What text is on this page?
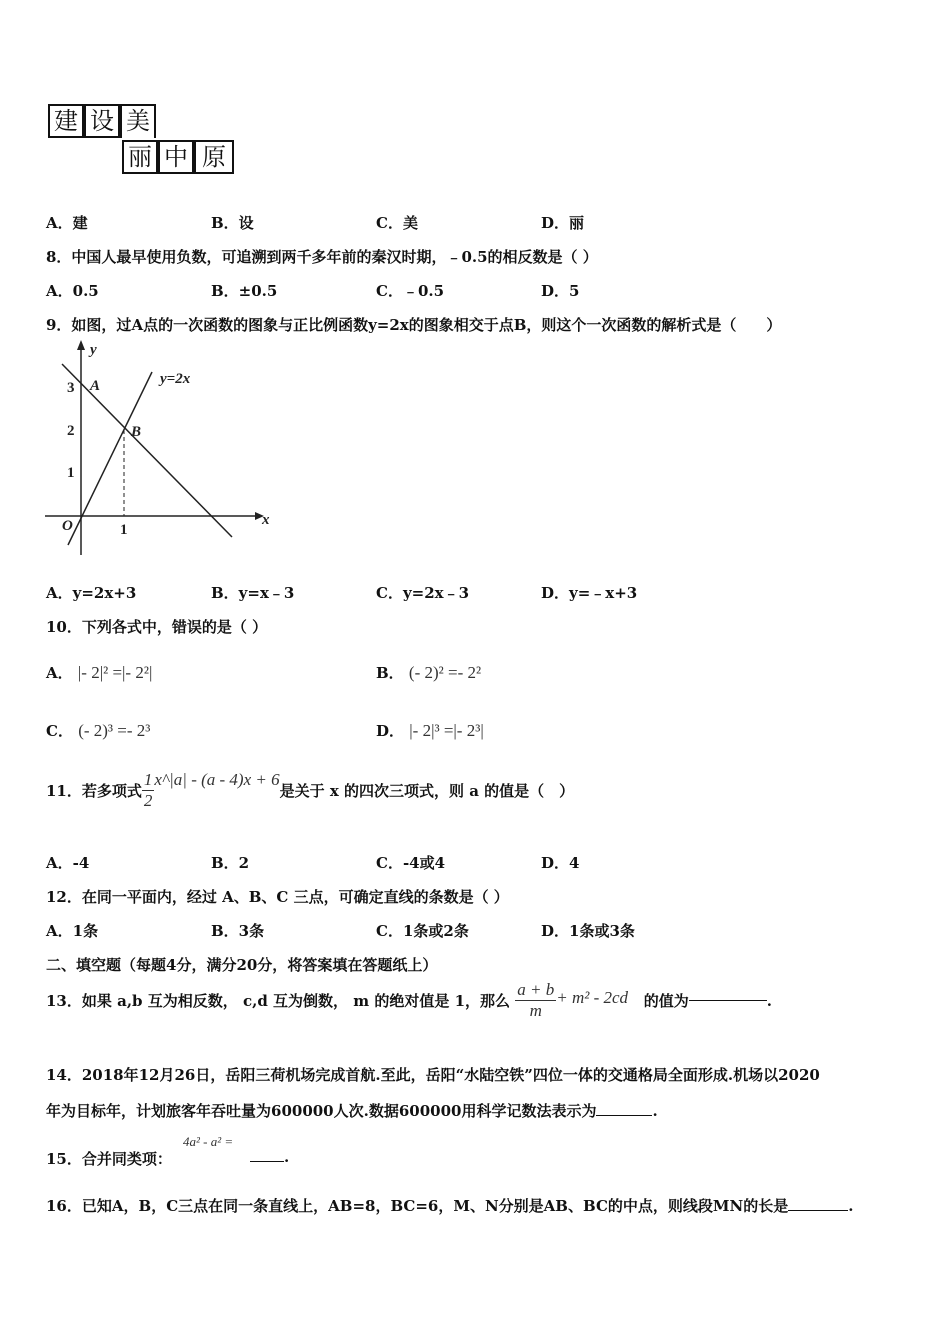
建 设 美
丽 中 原
A．建	B．设	C．美	D．丽
8．中国人最早使用负数，可追溯到两千多年前的秦汉时期，﹣0.5的相反数是（ ）
A．0.5	B．±0.5	C．﹣0.5	D．5
9．如图，过A点的一次函数的图象与正比例函数y=2x的图象相交于点B，则这个一次函数的解析式是（　　）
y
x
O
y=2x
A
B
1
2
3
1
A．y=2x+3	B．y=x﹣3	C．y=2x﹣3	D．y=﹣x+3
10．下列各式中，错误的是（ ）
A． |- 2|² =|- 2²|	B． (- 2)² =- 2²
C． (- 2)³ =- 2³	D． |- 2|³ =|- 2³|
11．若多项式 $\frac{1}{2}$ x^|a| - (a - 4)x + 6
是关于 x 的四次三项式，则 a 的值是（　）
A．-4	B．2	C．-4或4	D．4
12．在同一平面内，经过 A、B、C 三点，可确定直线的条数是（ ）
A．1条	B．3条	C．1条或2条	D．1条或3条
二、填空题（每题4分，满分20分，将答案填在答题纸上）
13．如果 a,b 互为相反数， c,d 互为倒数， m 的绝对值是 1，那么
$\frac{a + b}{m} + m^2 - 2cd$
的值为	.
14．2018年12月26日，岳阳三荷机场完成首航.至此，岳阳“水陆空铁”四位一体的交通格局全面形成.机场以2020
年为目标年，计划旅客年吞吐量为600000人次.数据600000用科学记数法表示为	.
15．合并同类项：
4a² - a² =
.
16．已知A，B，C三点在同一条直线上，AB=8，BC=6，M、N分别是AB、BC的中点，则线段MN的长是	.
